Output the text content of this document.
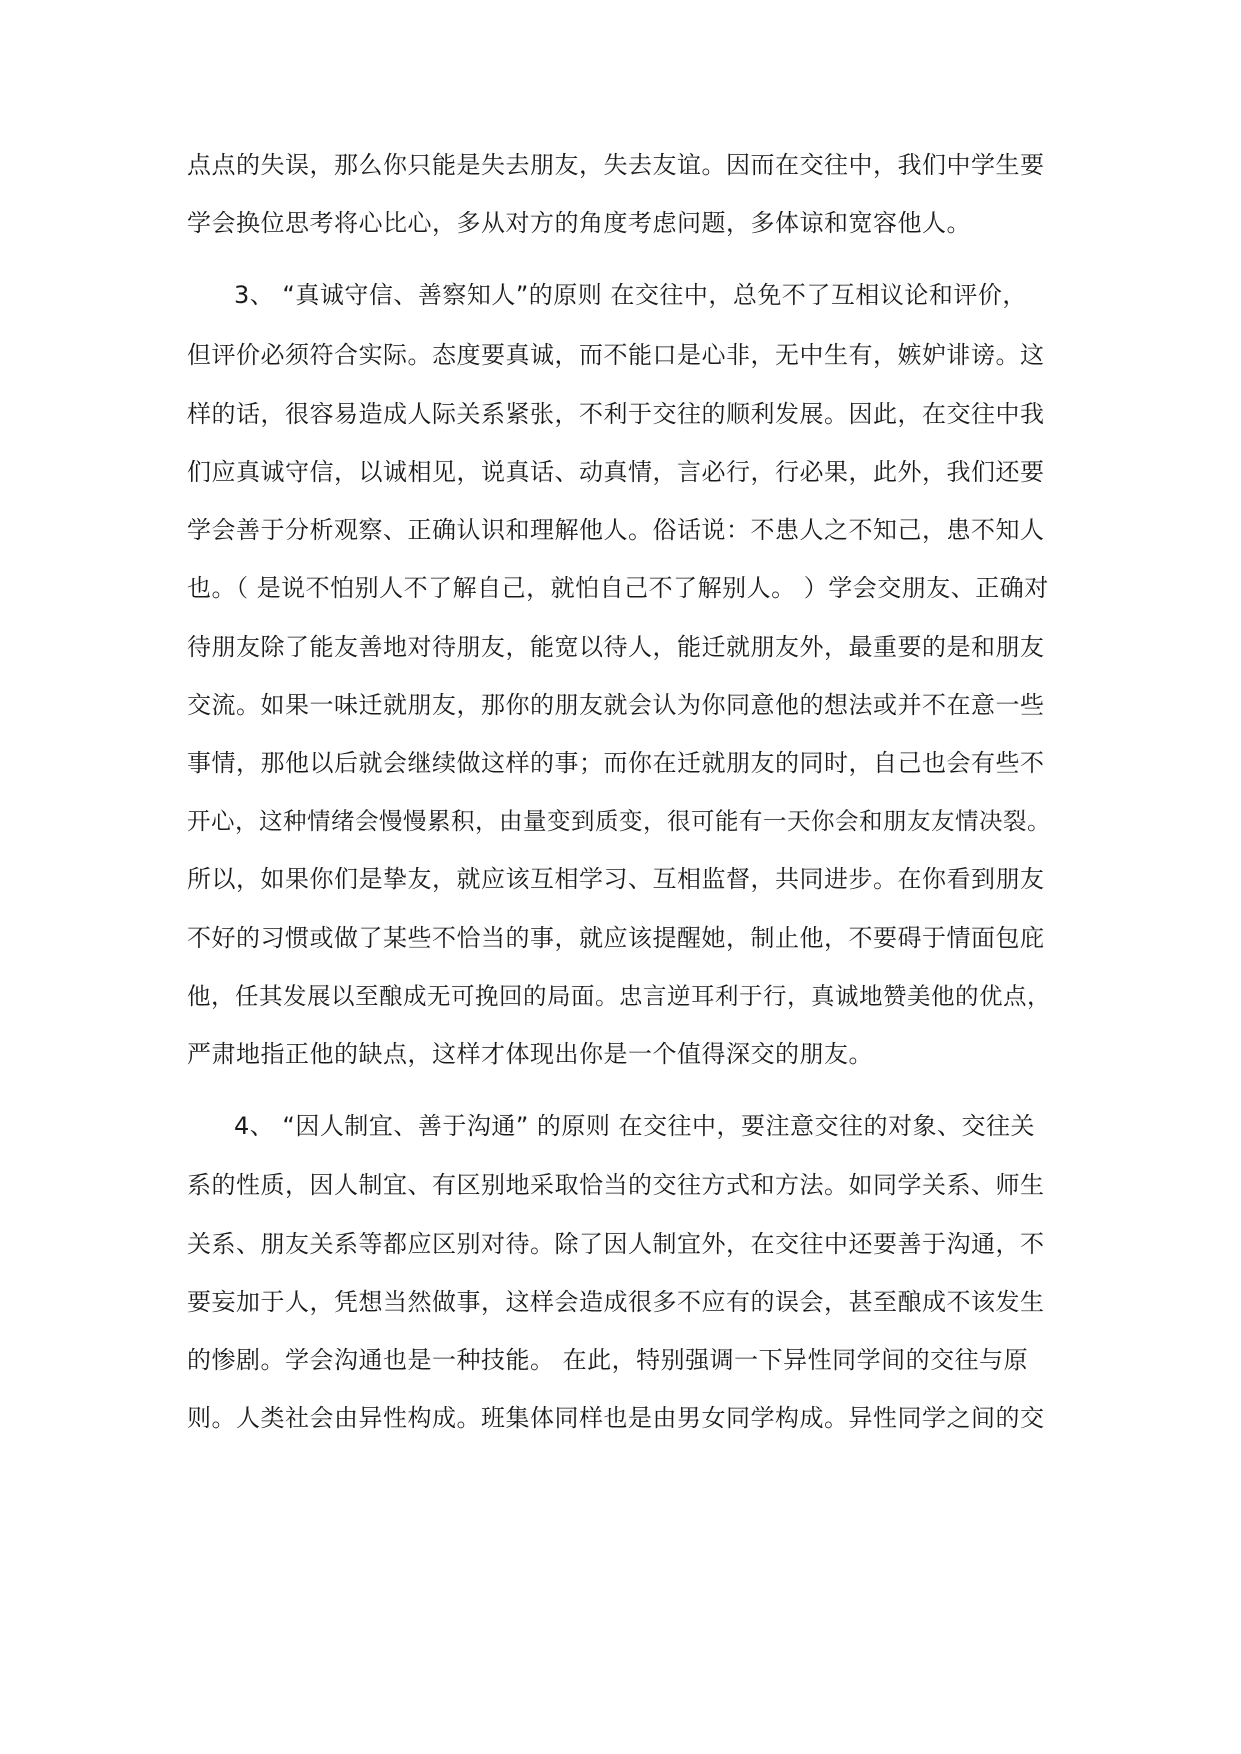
点点的失误，那么你只能是失去朋友，失去友谊。因而在交往中，我们中学生要
学会换位思考将心比心，多从对方的角度考虑问题，多体谅和宽容他人。
3、 “真诚守信、善察知人”的原则 在交往中，总免不了互相议论和评价，
但评价必须符合实际。态度要真诚，而不能口是心非，无中生有，嫉妒诽谤。这
样的话，很容易造成人际关系紧张，不利于交往的顺利发展。因此，在交往中我
们应真诚守信，以诚相见，说真话、动真情，言必行，行必果，此外，我们还要
学会善于分析观察、正确认识和理解他人。俗话说：不患人之不知己，患不知人
也。（ 是说不怕别人不了解自己，就怕自己不了解别人。 ）学会交朋友、正确对
待朋友除了能友善地对待朋友，能宽以待人，能迁就朋友外，最重要的是和朋友
交流。如果一味迁就朋友，那你的朋友就会认为你同意他的想法或并不在意一些
事情，那他以后就会继续做这样的事；而你在迁就朋友的同时，自己也会有些不
开心，这种情绪会慢慢累积，由量变到质变，很可能有一天你会和朋友友情决裂。
所以，如果你们是挚友，就应该互相学习、互相监督，共同进步。在你看到朋友
不好的习惯或做了某些不恰当的事，就应该提醒她，制止他，不要碍于情面包庇
他，任其发展以至酿成无可挽回的局面。忠言逆耳利于行，真诚地赞美他的优点，
严肃地指正他的缺点，这样才体现出你是一个值得深交的朋友。
4、 “因人制宜、善于沟通” 的原则 在交往中，要注意交往的对象、交往关
系的性质，因人制宜、有区别地采取恰当的交往方式和方法。如同学关系、师生
关系、朋友关系等都应区别对待。除了因人制宜外，在交往中还要善于沟通，不
要妄加于人，凭想当然做事，这样会造成很多不应有的误会，甚至酿成不该发生
的惨剧。学会沟通也是一种技能。 在此，特别强调一下异性同学间的交往与原
则。人类社会由异性构成。班集体同样也是由男女同学构成。异性同学之间的交
